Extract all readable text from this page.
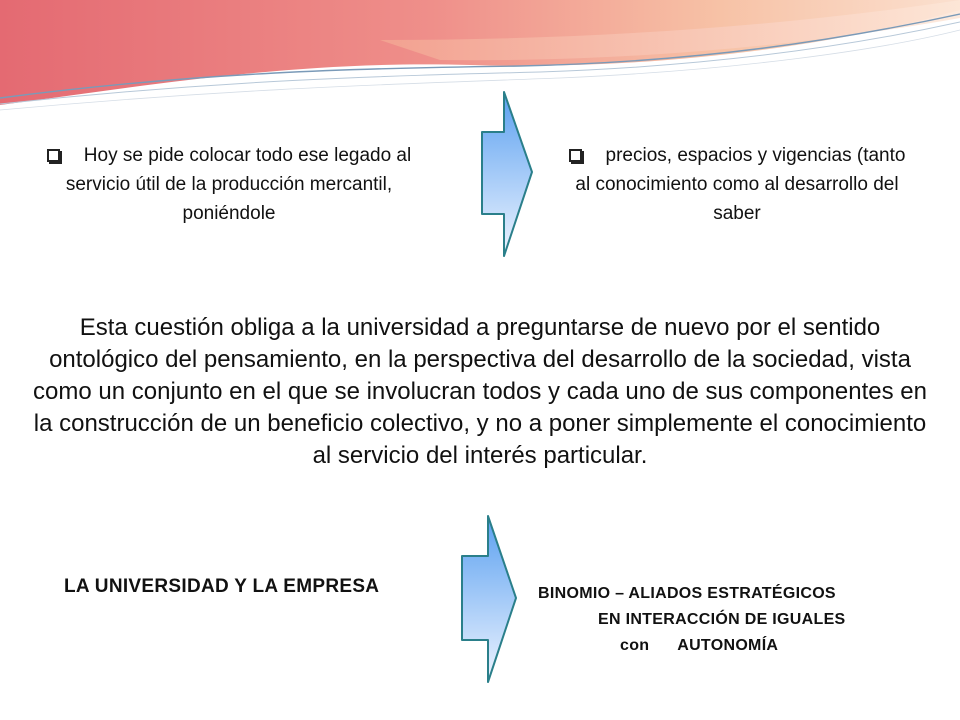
Hoy se pide colocar todo ese legado al servicio útil de la producción mercantil, poniéndole
precios, espacios y vigencias (tanto al conocimiento como al desarrollo del saber
Esta cuestión obliga a la universidad a preguntarse de nuevo por el sentido ontológico del pensamiento, en la perspectiva del desarrollo de la sociedad, vista como un conjunto en el que se involucran todos y cada uno de sus componentes en la construcción de un beneficio colectivo, y no a poner simplemente el conocimiento al servicio del interés particular.
LA UNIVERSIDAD Y LA EMPRESA	BINOMIO – ALIADOS ESTRATÉGICOS
EN INTERACCIÓN DE IGUALES
con      AUTONOMÍA
